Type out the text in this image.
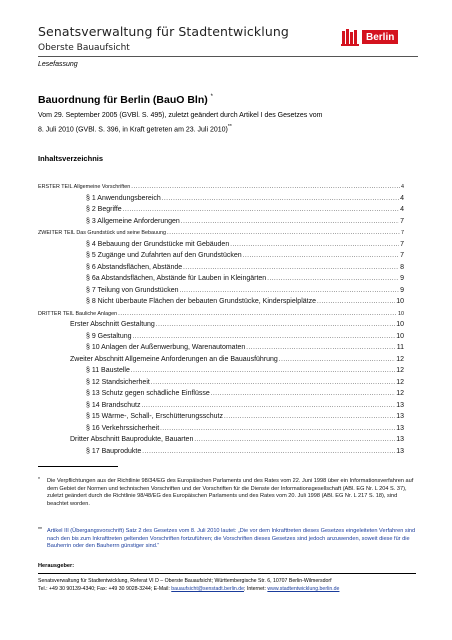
Senatsverwaltung für Stadtentwicklung
Oberste Bauaufsicht
Lesefassung
Berlin
Bauordnung für Berlin (BauO Bln) *
Vom 29. September 2005 (GVBl. S. 495), zuletzt geändert durch Artikel I des Gesetzes vom
8. Juli 2010 (GVBl. S. 396, in Kraft getreten am 23. Juli 2010)**
Inhaltsverzeichnis
ERSTER TEIL Allgemeine Vorschriften .....	4
§ 1 Anwendungsbereich .....	4
§ 2 Begriffe .....	4
§ 3 Allgemeine Anforderungen .....	7
ZWEITER TEIL Das Grundstück und seine Bebauung .....	7
§ 4 Bebauung der Grundstücke mit Gebäuden .....	7
§ 5 Zugänge und Zufahrten auf den Grundstücken .....	7
§ 6 Abstandsflächen, Abstände .....	8
§ 6a Abstandsflächen, Abstände für Lauben in Kleingärten .....	9
§ 7 Teilung von Grundstücken .....	9
§ 8 Nicht überbaute Flächen der bebauten Grundstücke, Kinderspielplätze .....	10
DRITTER TEIL Bauliche Anlagen .....	10
Erster Abschnitt Gestaltung .....	10
§ 9 Gestaltung .....	10
§ 10 Anlagen der Außenwerbung, Warenautomaten .....	11
Zweiter Abschnitt Allgemeine Anforderungen an die Bauausführung .....	12
§ 11 Baustelle .....	12
§ 12 Standsicherheit .....	12
§ 13 Schutz gegen schädliche Einflüsse .....	12
§ 14 Brandschutz .....	13
§ 15 Wärme-, Schall-, Erschütterungsschutz .....	13
§ 16 Verkehrssicherheit .....	13
Dritter Abschnitt Bauprodukte, Bauarten .....	13
§ 17 Bauprodukte .....	13
* Die Verpflichtungen aus der Richtlinie 98/34/EG des Europäischen Parlaments und des Rates vom 22. Juni 1998 über ein Informationsverfahren auf dem Gebiet der Normen und technischen Vorschriften und der Vorschriften für die Dienste der Informationsgesellschaft (ABl. EG Nr. L 204 S. 37), zuletzt geändert durch die Richtlinie 98/48/EG des Europäischen Parlaments und des Rates vom 20. Juli 1998 (ABl. EG Nr. L 217 S. 18), sind beachtet worden.
** Artikel III (Übergangsvorschrift) Satz 2 des Gesetzes vom 8. Juli 2010 lautet: „Die vor dem Inkrafttreten dieses Gesetzes eingeleiteten Verfahren sind nach den bis zum Inkrafttreten geltenden Vorschriften fortzuführen; die Vorschriften dieses Gesetzes sind jedoch anzuwenden, soweit diese für die Bauherrin oder den Bauherrn günstiger sind.“
Herausgeber:
Senatsverwaltung für Stadtentwicklung, Referat VI D – Oberste Bauaufsicht; Württembergische Str. 6, 10707 Berlin-Wilmersdorf
Tel.: +49 30 90139-4340; Fax: +49 30 9028-3244; E-Mail: bauaufsicht@senstadt.berlin.de; Internet: www.stadtentwicklung.berlin.de
